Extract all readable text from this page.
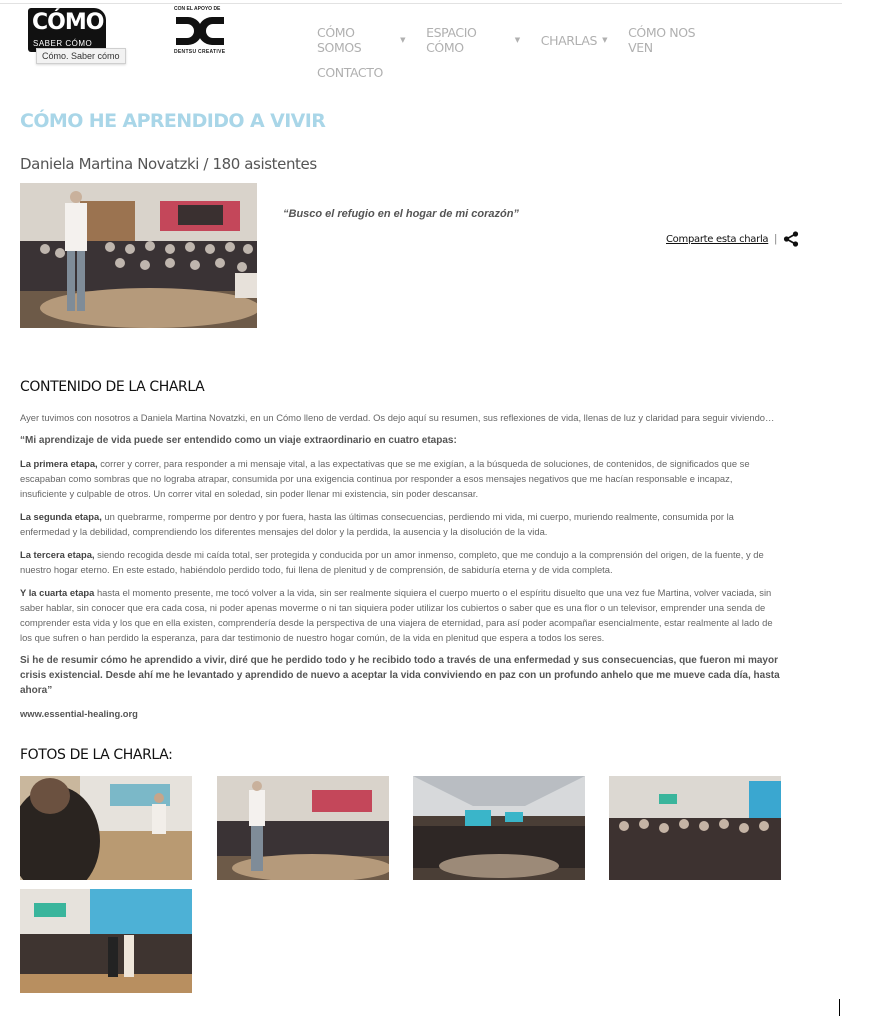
CÓMO
SABER CÓMO
Cómo. Saber cómo
CON EL APOYO DE
DENTSU CREATIVE
CÓMO SOMOS	▼ ESPACIO CÓMO	▼ CHARLAS ▼ CÓMO NOS VEN
CONTACTO
CÓMO HE APRENDIDO A VIVIR
Daniela Martina Novatzki / 180 asistentes
“Busco el refugio en el hogar de mi corazón”
Comparte esta charla |
CONTENIDO DE LA CHARLA

Ayer tuvimos con nosotros a Daniela Martina Novatzki, en un Cómo lleno de verdad. Os dejo aquí su resumen, sus reflexiones de vida, llenas de luz y claridad para seguir viviendo…

“Mi aprendizaje de vida puede ser entendido como un viaje extraordinario en cuatro etapas:

La primera etapa, correr y correr, para responder a mi mensaje vital, a las expectativas que se me exigían, a la búsqueda de soluciones, de contenidos, de significados que se escapaban como sombras que no lograba atrapar, consumida por una exigencia continua por responder a esos mensajes negativos que me hacían responsable e incapaz, insuficiente y culpable de otros. Un correr vital en soledad, sin poder llenar mi existencia, sin poder descansar.

La segunda etapa, un quebrarme, romperme por dentro y por fuera, hasta las últimas consecuencias, perdiendo mi vida, mi cuerpo, muriendo realmente, consumida por la enfermedad y la debilidad, comprendiendo los diferentes mensajes del dolor y la perdida, la ausencia y la disolución de la vida.

La tercera etapa, siendo recogida desde mi caída total, ser protegida y conducida por un amor inmenso, completo, que me condujo a la comprensión del origen, de la fuente, y de nuestro hogar eterno. En este estado, habiéndolo perdido todo, fui llena de plenitud y de comprensión, de sabiduría eterna y de vida completa.

Y la cuarta etapa hasta el momento presente, me tocó volver a la vida, sin ser realmente siquiera el cuerpo muerto o el espíritu disuelto que una vez fue Martina, volver vaciada, sin saber hablar, sin conocer que era cada cosa, ni poder apenas moverme o ni tan siquiera poder utilizar los cubiertos o saber que es una flor o un televisor, emprender una senda de comprender esta vida y los que en ella existen, comprendería desde la perspectiva de una viajera de eternidad, para así poder acompañar esencialmente, estar realmente al lado de los que sufren o han perdido la esperanza, para dar testimonio de nuestro hogar común, de la vida en plenitud que espera a todos los seres.

Si he de resumir cómo he aprendido a vivir, diré que he perdido todo y he recibido todo a través de una enfermedad y sus consecuencias, que fueron mi mayor crisis existencial. Desde ahí me he levantado y aprendido de nuevo a aceptar la vida conviviendo en paz con un profundo anhelo que me mueve cada día, hasta ahora”

www.essential-healing.org

FOTOS DE LA CHARLA:
